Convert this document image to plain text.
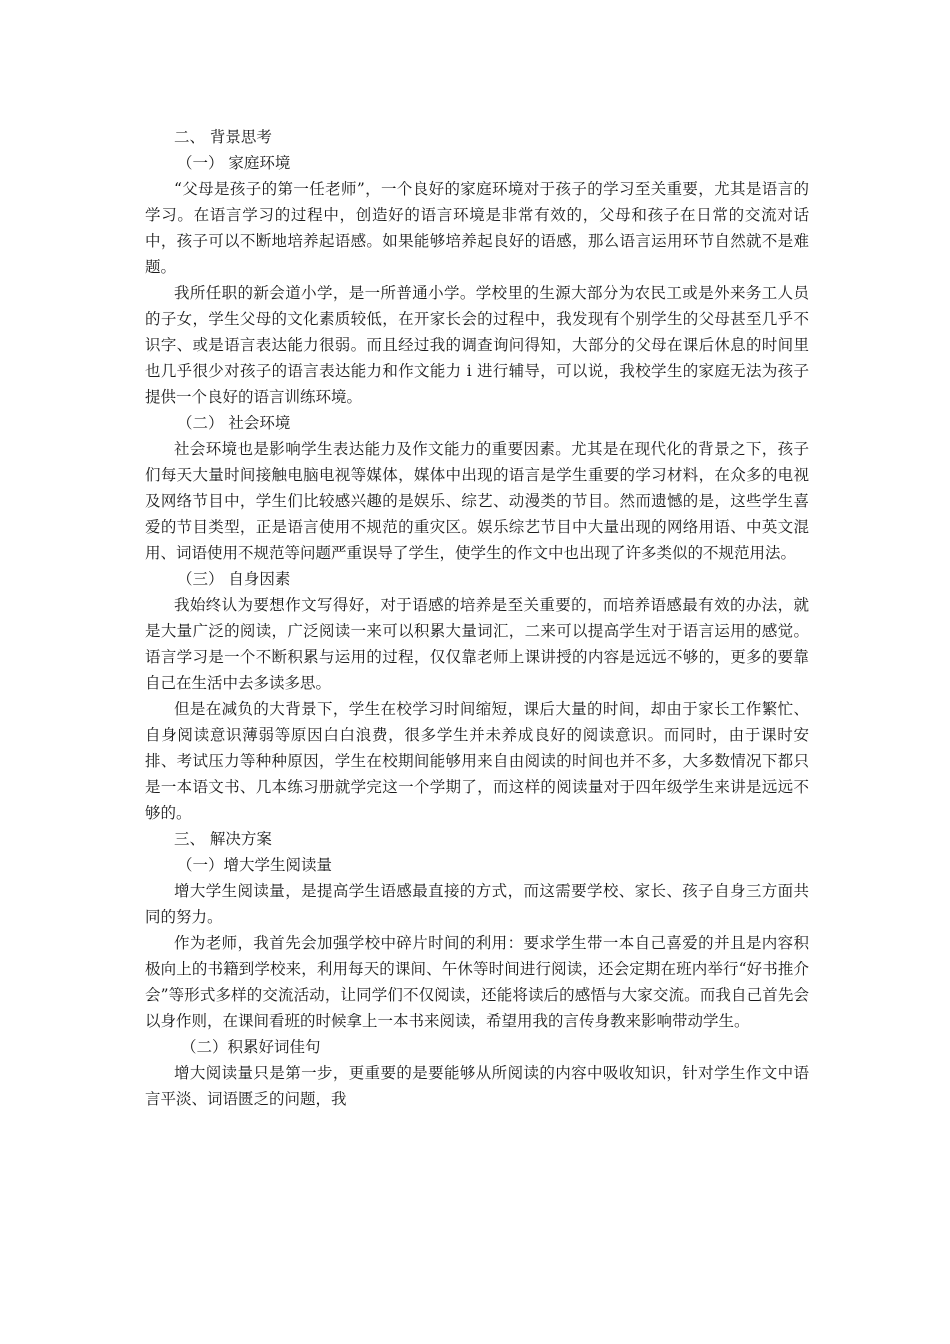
二、 背景思考
（一） 家庭环境

“父母是孩子的第一任老师”，一个良好的家庭环境对于孩子的学习至关重要，尤其是语言的学习。在语言学习的过程中，创造好的语言环境是非常有效的，父母和孩子在日常的交流对话中，孩子可以不断地培养起语感。如果能够培养起良好的语感，那么语言运用环节自然就不是难题。

我所任职的新会道小学，是一所普通小学。学校里的生源大部分为农民工或是外来务工人员的子女，学生父母的文化素质较低，在开家长会的过程中，我发现有个别学生的父母甚至几乎不识字、或是语言表达能力很弱。而且经过我的调查询问得知，大部分的父母在课后休息的时间里也几乎很少对孩子的语言表达能力和作文能力 i 进行辅导，可以说，我校学生的家庭无法为孩子提供一个良好的语言训练环境。

（二） 社会环境

社会环境也是影响学生表达能力及作文能力的重要因素。尤其是在现代化的背景之下，孩子们每天大量时间接触电脑电视等媒体，媒体中出现的语言是学生重要的学习材料，在众多的电视及网络节目中，学生们比较感兴趣的是娱乐、综艺、动漫类的节目。然而遗憾的是，这些学生喜爱的节目类型，正是语言使用不规范的重灾区。娱乐综艺节目中大量出现的网络用语、中英文混用、词语使用不规范等问题严重误导了学生，使学生的作文中也出现了许多类似的不规范用法。

（三） 自身因素

我始终认为要想作文写得好，对于语感的培养是至关重要的，而培养语感最有效的办法，就是大量广泛的阅读，广泛阅读一来可以积累大量词汇，二来可以提高学生对于语言运用的感觉。语言学习是一个不断积累与运用的过程，仅仅靠老师上课讲授的内容是远远不够的，更多的要靠自己在生活中去多读多思。

但是在减负的大背景下，学生在校学习时间缩短，课后大量的时间，却由于家长工作繁忙、自身阅读意识薄弱等原因白白浪费，很多学生并未养成良好的阅读意识。而同时，由于课时安排、考试压力等种种原因，学生在校期间能够用来自由阅读的时间也并不多，大多数情况下都只是一本语文书、几本练习册就学完这一个学期了，而这样的阅读量对于四年级学生来讲是远远不够的。

三、 解决方案
（一）增大学生阅读量

增大学生阅读量，是提高学生语感最直接的方式，而这需要学校、家长、孩子自身三方面共同的努力。

作为老师，我首先会加强学校中碎片时间的利用：要求学生带一本自己喜爱的并且是内容积极向上的书籍到学校来，利用每天的课间、午休等时间进行阅读，还会定期在班内举行“好书推介会”等形式多样的交流活动，让同学们不仅阅读，还能将读后的感悟与大家交流。而我自己首先会以身作则，在课间看班的时候拿上一本书来阅读，希望用我的言传身教来影响带动学生。

（二）积累好词佳句

增大阅读量只是第一步，更重要的是要能够从所阅读的内容中吸收知识，针对学生作文中语言平淡、词语匮乏的问题，我
